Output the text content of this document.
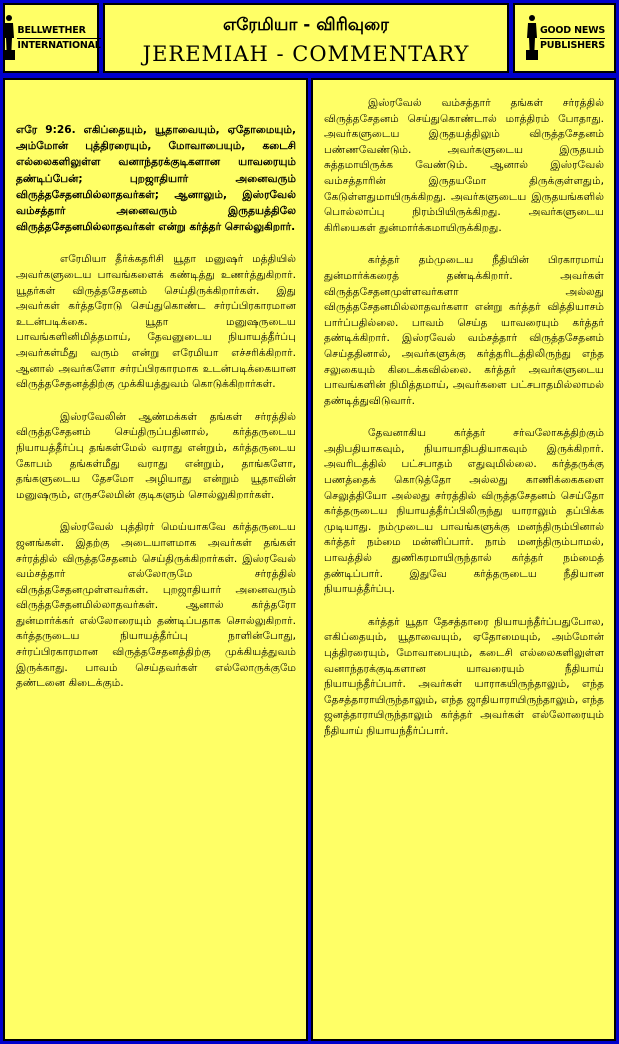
BELLWETHER
INTERNATIONAL
எரேமியா - விரிவுரை
JEREMIAH - COMMENTARY
GOOD NEWS
PUBLISHERS

எரே 9:26. எகிப்தையும், யூதாவையும், ஏதோமையும், அம்மோன் புத்திரரையும், மோவாபையும், கடைசி எல்லைகளிலுள்ள வனாந்தரக்குடிகளான யாவரையும் தண்டிப்பேன்; புறஜாதியார் அனைவரும் விருத்தசேதனமில்லாதவர்கள்; ஆனாலும், இஸ்ரவேல் வம்சத்தார் அனைவரும் இருதயத்திலே விருத்தசேதனமில்லாதவர்கள் என்று கர்த்தர் சொல்லுகிறார்.

எரேமியா தீர்க்கதரிசி யூதா மனுஷர் மத்தியில் அவர்களுடைய பாவங்களைக் கண்டித்து உணர்த்துகிறார். யூதர்கள் விருத்தசேதனம் செய்திருக்கிறார்கள். இது அவர்கள் கர்த்தரோடு செய்துகொண்ட சர்ரப்பிரகாரமான உடன்படிக்கை. யூதா மனுஷருடைய பாவங்களினிமித்தமாய், தேவனுடைய நியாயத்தீர்ப்பு அவர்கள்மீது வரும் என்று எரேமியா எச்சரிக்கிறார். ஆனால் அவர்களோ சர்ரப்பிரகாரமாக உடன்படிக்கையான விருத்தசேதனத்திற்கு முக்கியத்துவம் கொடுக்கிறார்கள்.

இஸ்ரவேலின் ஆண்மக்கள் தங்கள் சர்ரத்தில் விருத்தசேதனம் செய்திருப்பதினால், கர்த்தருடைய நியாயத்தீர்ப்பு தங்கள்மேல் வராது என்றும், கர்த்தருடைய கோபம் தங்கள்மீது வராது என்றும், தாங்களோ, தங்களுடைய தேசமோ அழியாது என்றும் யூதாவின் மனுஷரும், எருசலேமின் குடிகளும் சொல்லுகிறார்கள்.

இஸ்ரவேல் புத்திரர் மெய்யாகவே கர்த்தருடைய ஜனங்கள். இதற்கு அடையாளமாக அவர்கள் தங்கள் சர்ரத்தில் விருத்தசேதனம் செய்திருக்கிறார்கள். இஸ்ரவேல் வம்சத்தார் எல்லோருமே சர்ரத்தில் விருத்தசேதனமுள்ளவர்கள். புறஜாதியார் அனைவரும் விருத்தசேதனமில்லாதவர்கள். ஆனால் கர்த்தரோ துன்மார்க்கர் எல்லோரையும் தண்டிப்பதாக சொல்லுகிறார். கர்த்தருடைய நியாயத்தீர்ப்பு நாளின்போது, சர்ரப்பிரகாரமான விருத்தசேதனத்திற்கு முக்கியத்துவம் இருக்காது. பாவம் செய்தவர்கள் எல்லோருக்குமே தண்டனை கிடைக்கும்.

இஸ்ரவேல் வம்சத்தார் தங்கள் சர்ரத்தில் விருத்தசேதனம் செய்துகொண்டால் மாத்திரம் போதாது. அவர்களுடைய இருதயத்திலும் விருத்தசேதனம் பண்ணவேண்டும். அவர்களுடைய இருதயம் சுத்தமாயிருக்க வேண்டும். ஆனால் இஸ்ரவேல் வம்சத்தாரின் இருதயமோ திருக்குள்ளதும், கேடுள்ளதுமாயிருக்கிறது. அவர்களுடைய இருதயங்களில் பொல்லாப்பு நிரம்பியிருக்கிறது. அவர்களுடைய கிரியைகள் துன்மார்க்கமாயிருக்கிறது.

கர்த்தர் தம்முடைய நீதியின் பிரகாரமாய் துன்மார்க்கரைத் தண்டிக்கிறார். அவர்கள் விருத்தசேதனமுள்ளவர்களா அல்லது விருத்தசேதனமில்லாதவர்களா என்று கர்த்தர் வித்தியாசம் பார்ப்பதில்லை. பாவம் செய்த யாவரையும் கர்த்தர் தண்டிக்கிறார். இஸ்ரவேல் வம்சத்தார் விருத்தசேதனம் செய்ததினால், அவர்களுக்கு கர்த்தரிடத்திலிருந்து எந்த சலுகையும் கிடைக்கவில்லை. கர்த்தர் அவர்களுடைய பாவங்களின் நிமித்தமாய், அவர்களை பட்சபாதமில்லாமல் தண்டித்துவிடுவார்.

தேவனாகிய கர்த்தர் சர்வலோகத்திற்கும் அதிபதியாகவும், நியாயாதிபதியாகவும் இருக்கிறார். அவரிடத்தில் பட்சபாதம் எதுவுமில்லை. கர்த்தருக்கு பணத்தைக் கொடுத்தோ அல்லது காணிக்கைகளை செலுத்தியோ அல்லது சர்ரத்தில் விருத்தசேதனம் செய்தோ கர்த்தருடைய நியாயத்தீர்ப்பிலிருந்து யாராலும் தப்பிக்க முடியாது. நம்முடைய பாவங்களுக்கு மனந்திரும்பினால் கர்த்தர் நம்மை மன்னிப்பார். நாம் மனந்திரும்பாமல், பாவத்தில் துணிகரமாயிருந்தால் கர்த்தர் நம்மைத் தண்டிப்பார். இதுவே கர்த்தருடைய நீதியான நியாயத்தீர்ப்பு.

கர்த்தர் யூதா தேசத்தாரை நியாயந்தீர்ப்பதுபோல, எகிப்தையும், யூதாவையும், ஏதோமையும், அம்மோன் புத்திரரையும், மோவாபையும், கடைசி எல்லைகளிலுள்ள வனாந்தரக்குடிகளான யாவரையும் நீதியாய் நியாயந்தீர்ப்பார். அவர்கள் யாராகயிருந்தாலும், எந்த தேசத்தாராயிருந்தாலும், எந்த ஜாதியாராயிருந்தாலும், எந்த ஜனத்தாராயிருந்தாலும் கர்த்தர் அவர்கள் எல்லோரையும் நீதியாய் நியாயந்தீர்ப்பார்.
